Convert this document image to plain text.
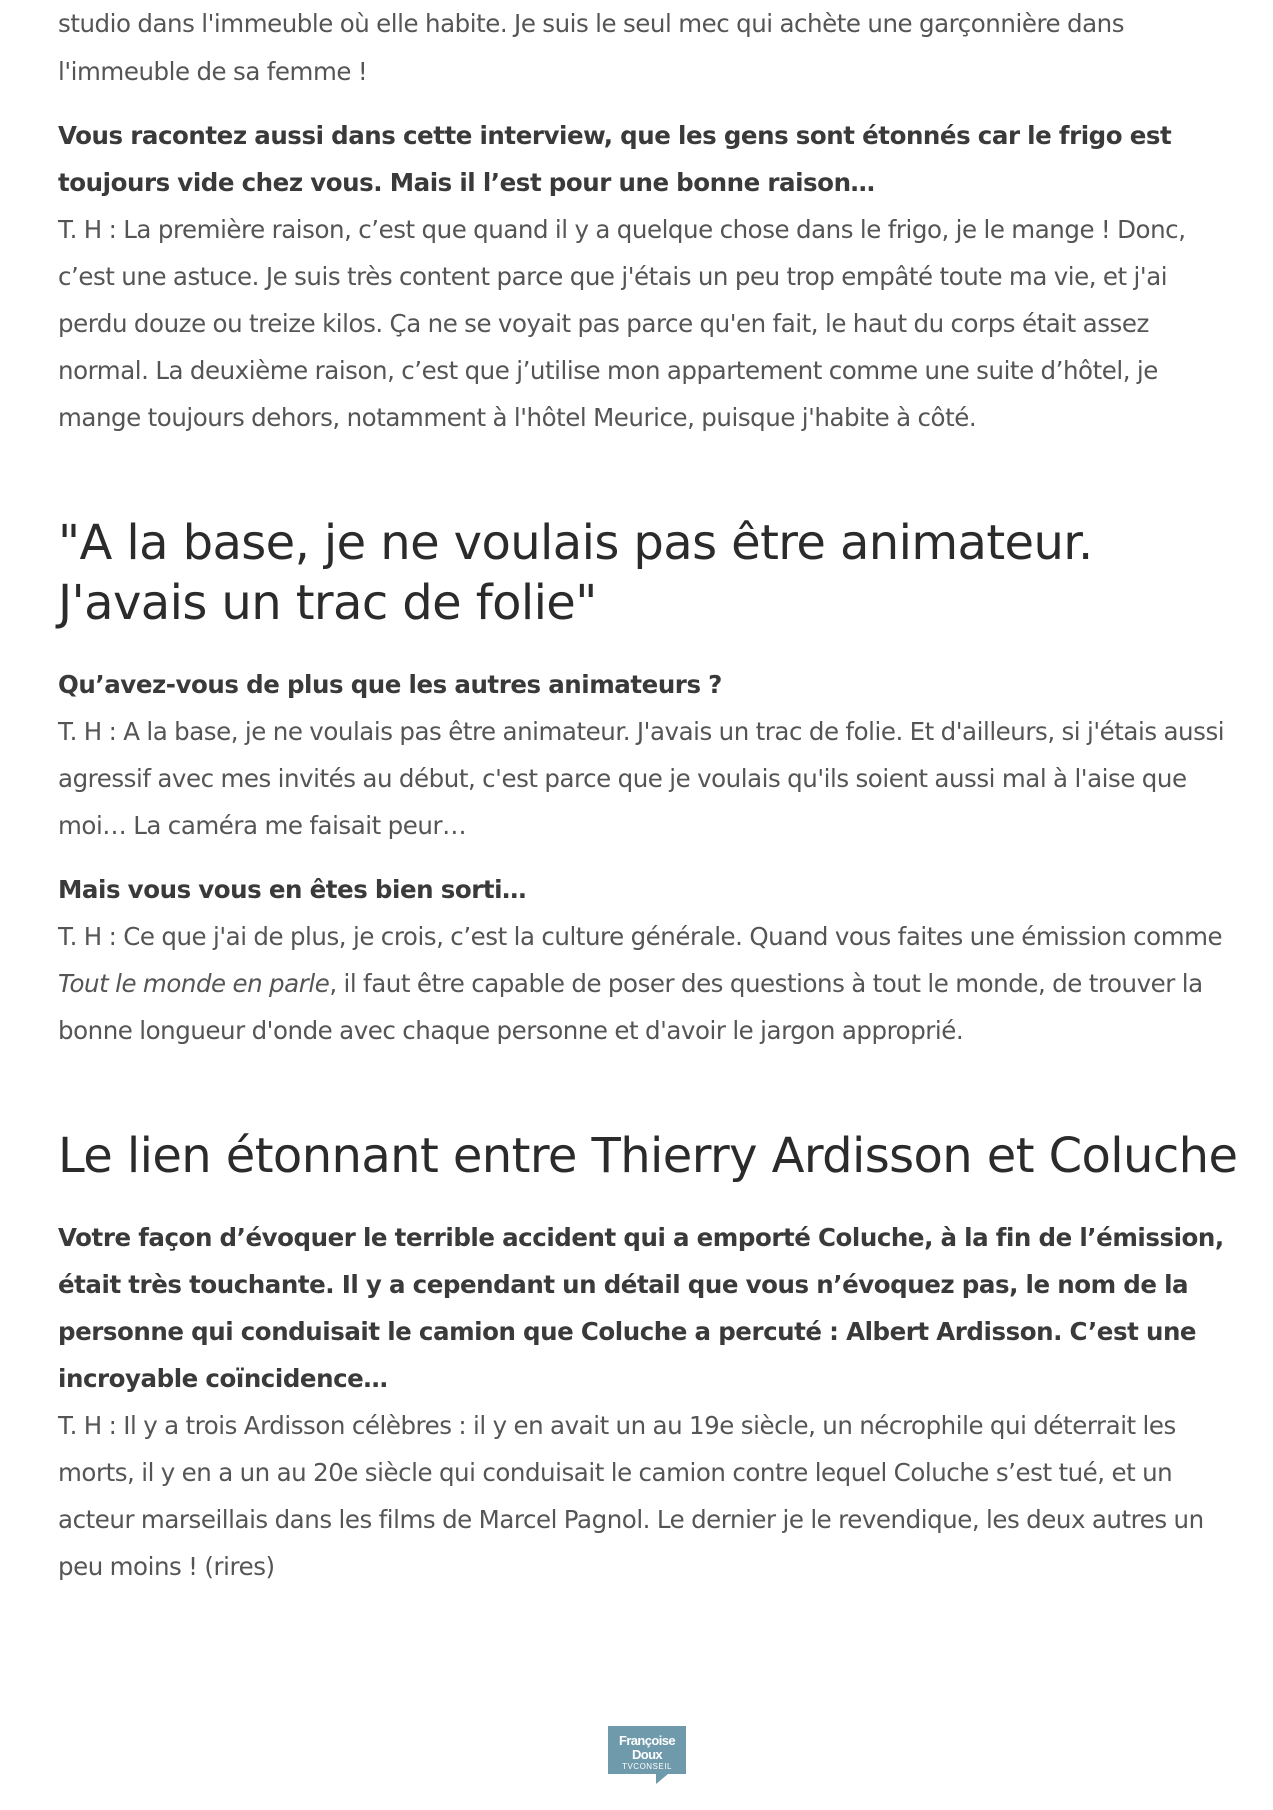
studio dans l'immeuble où elle habite. Je suis le seul mec qui achète une garçonnière dans

l'immeuble de sa femme !

Vous racontez aussi dans cette interview, que les gens sont étonnés car le frigo est toujours vide chez vous. Mais il l’est pour une bonne raison…

T. H : La première raison, c’est que quand il y a quelque chose dans le frigo, je le mange ! Donc, c’est une astuce. Je suis très content parce que j'étais un peu trop empâté toute ma vie, et j'ai perdu douze ou treize kilos. Ça ne se voyait pas parce qu'en fait, le haut du corps était assez normal. La deuxième raison, c’est que j’utilise mon appartement comme une suite d’hôtel, je mange toujours dehors, notamment à l'hôtel Meurice, puisque j'habite à côté.

"A la base, je ne voulais pas être animateur. J'avais un trac de folie"

Qu’avez-vous de plus que les autres animateurs ?

T. H : A la base, je ne voulais pas être animateur. J'avais un trac de folie. Et d'ailleurs, si j'étais aussi agressif avec mes invités au début, c'est parce que je voulais qu'ils soient aussi mal à l'aise que moi… La caméra me faisait peur…

Mais vous vous en êtes bien sorti…

T. H : Ce que j'ai de plus, je crois, c’est la culture générale. Quand vous faites une émission comme Tout le monde en parle, il faut être capable de poser des questions à tout le monde, de trouver la bonne longueur d'onde avec chaque personne et d'avoir le jargon approprié.

Le lien étonnant entre Thierry Ardisson et Coluche

Votre façon d’évoquer le terrible accident qui a emporté Coluche, à la fin de l’émission, était très touchante. Il y a cependant un détail que vous n’évoquez pas, le nom de la personne qui conduisait le camion que Coluche a percuté : Albert Ardisson. C’est une incroyable coïncidence…

T. H : Il y a trois Ardisson célèbres : il y en avait un au 19e siècle, un nécrophile qui déterrait les morts, il y en a un au 20e siècle qui conduisait le camion contre lequel Coluche s’est tué, et un acteur marseillais dans les films de Marcel Pagnol. Le dernier je le revendique, les deux autres un peu moins ! (rires)

Françoise Doux
TVCONSEIL
